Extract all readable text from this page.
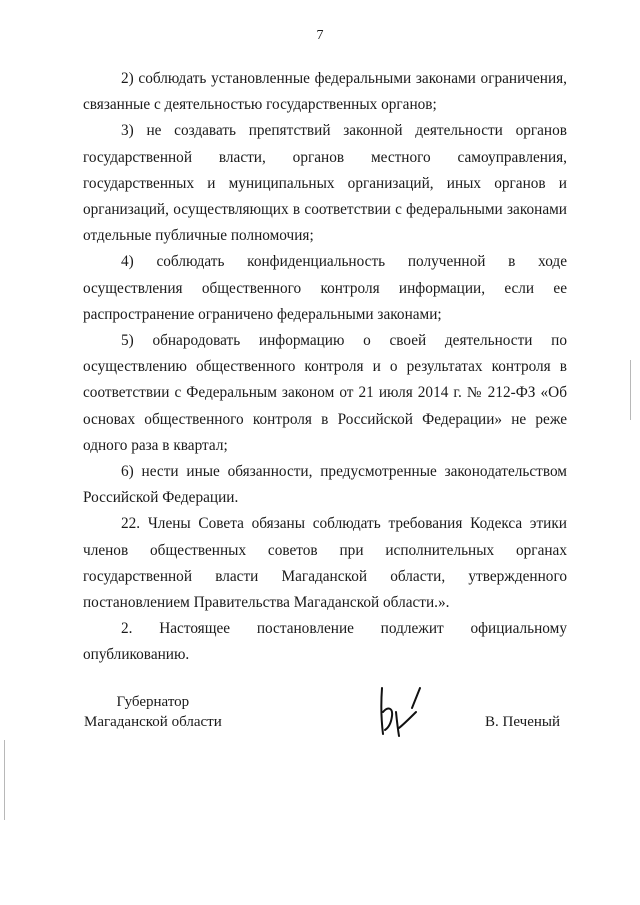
7

2) соблюдать установленные федеральными законами ограничения, связанные с деятельностью государственных органов;

3) не создавать препятствий законной деятельности органов государственной власти, органов местного самоуправления, государственных и муниципальных организаций, иных органов и организаций, осуществляющих в соответствии с федеральными законами отдельные публичные полномочия;

4) соблюдать конфиденциальность полученной в ходе осуществления общественного контроля информации, если ее распространение ограничено федеральными законами;

5) обнародовать информацию о своей деятельности по осуществлению общественного контроля и о результатах контроля в соответствии с Федеральным законом от 21 июля 2014 г. № 212-ФЗ «Об основах общественного контроля в Российской Федерации» не реже одного раза в квартал;

6) нести иные обязанности, предусмотренные законодательством Российской Федерации.

22. Члены Совета обязаны соблюдать требования Кодекса этики членов общественных советов при исполнительных органах государственной власти Магаданской области, утвержденного постановлением Правительства Магаданской области.».

2. Настоящее постановление подлежит официальному опубликованию.

Губернатор
Магаданской области	В. Печеный
